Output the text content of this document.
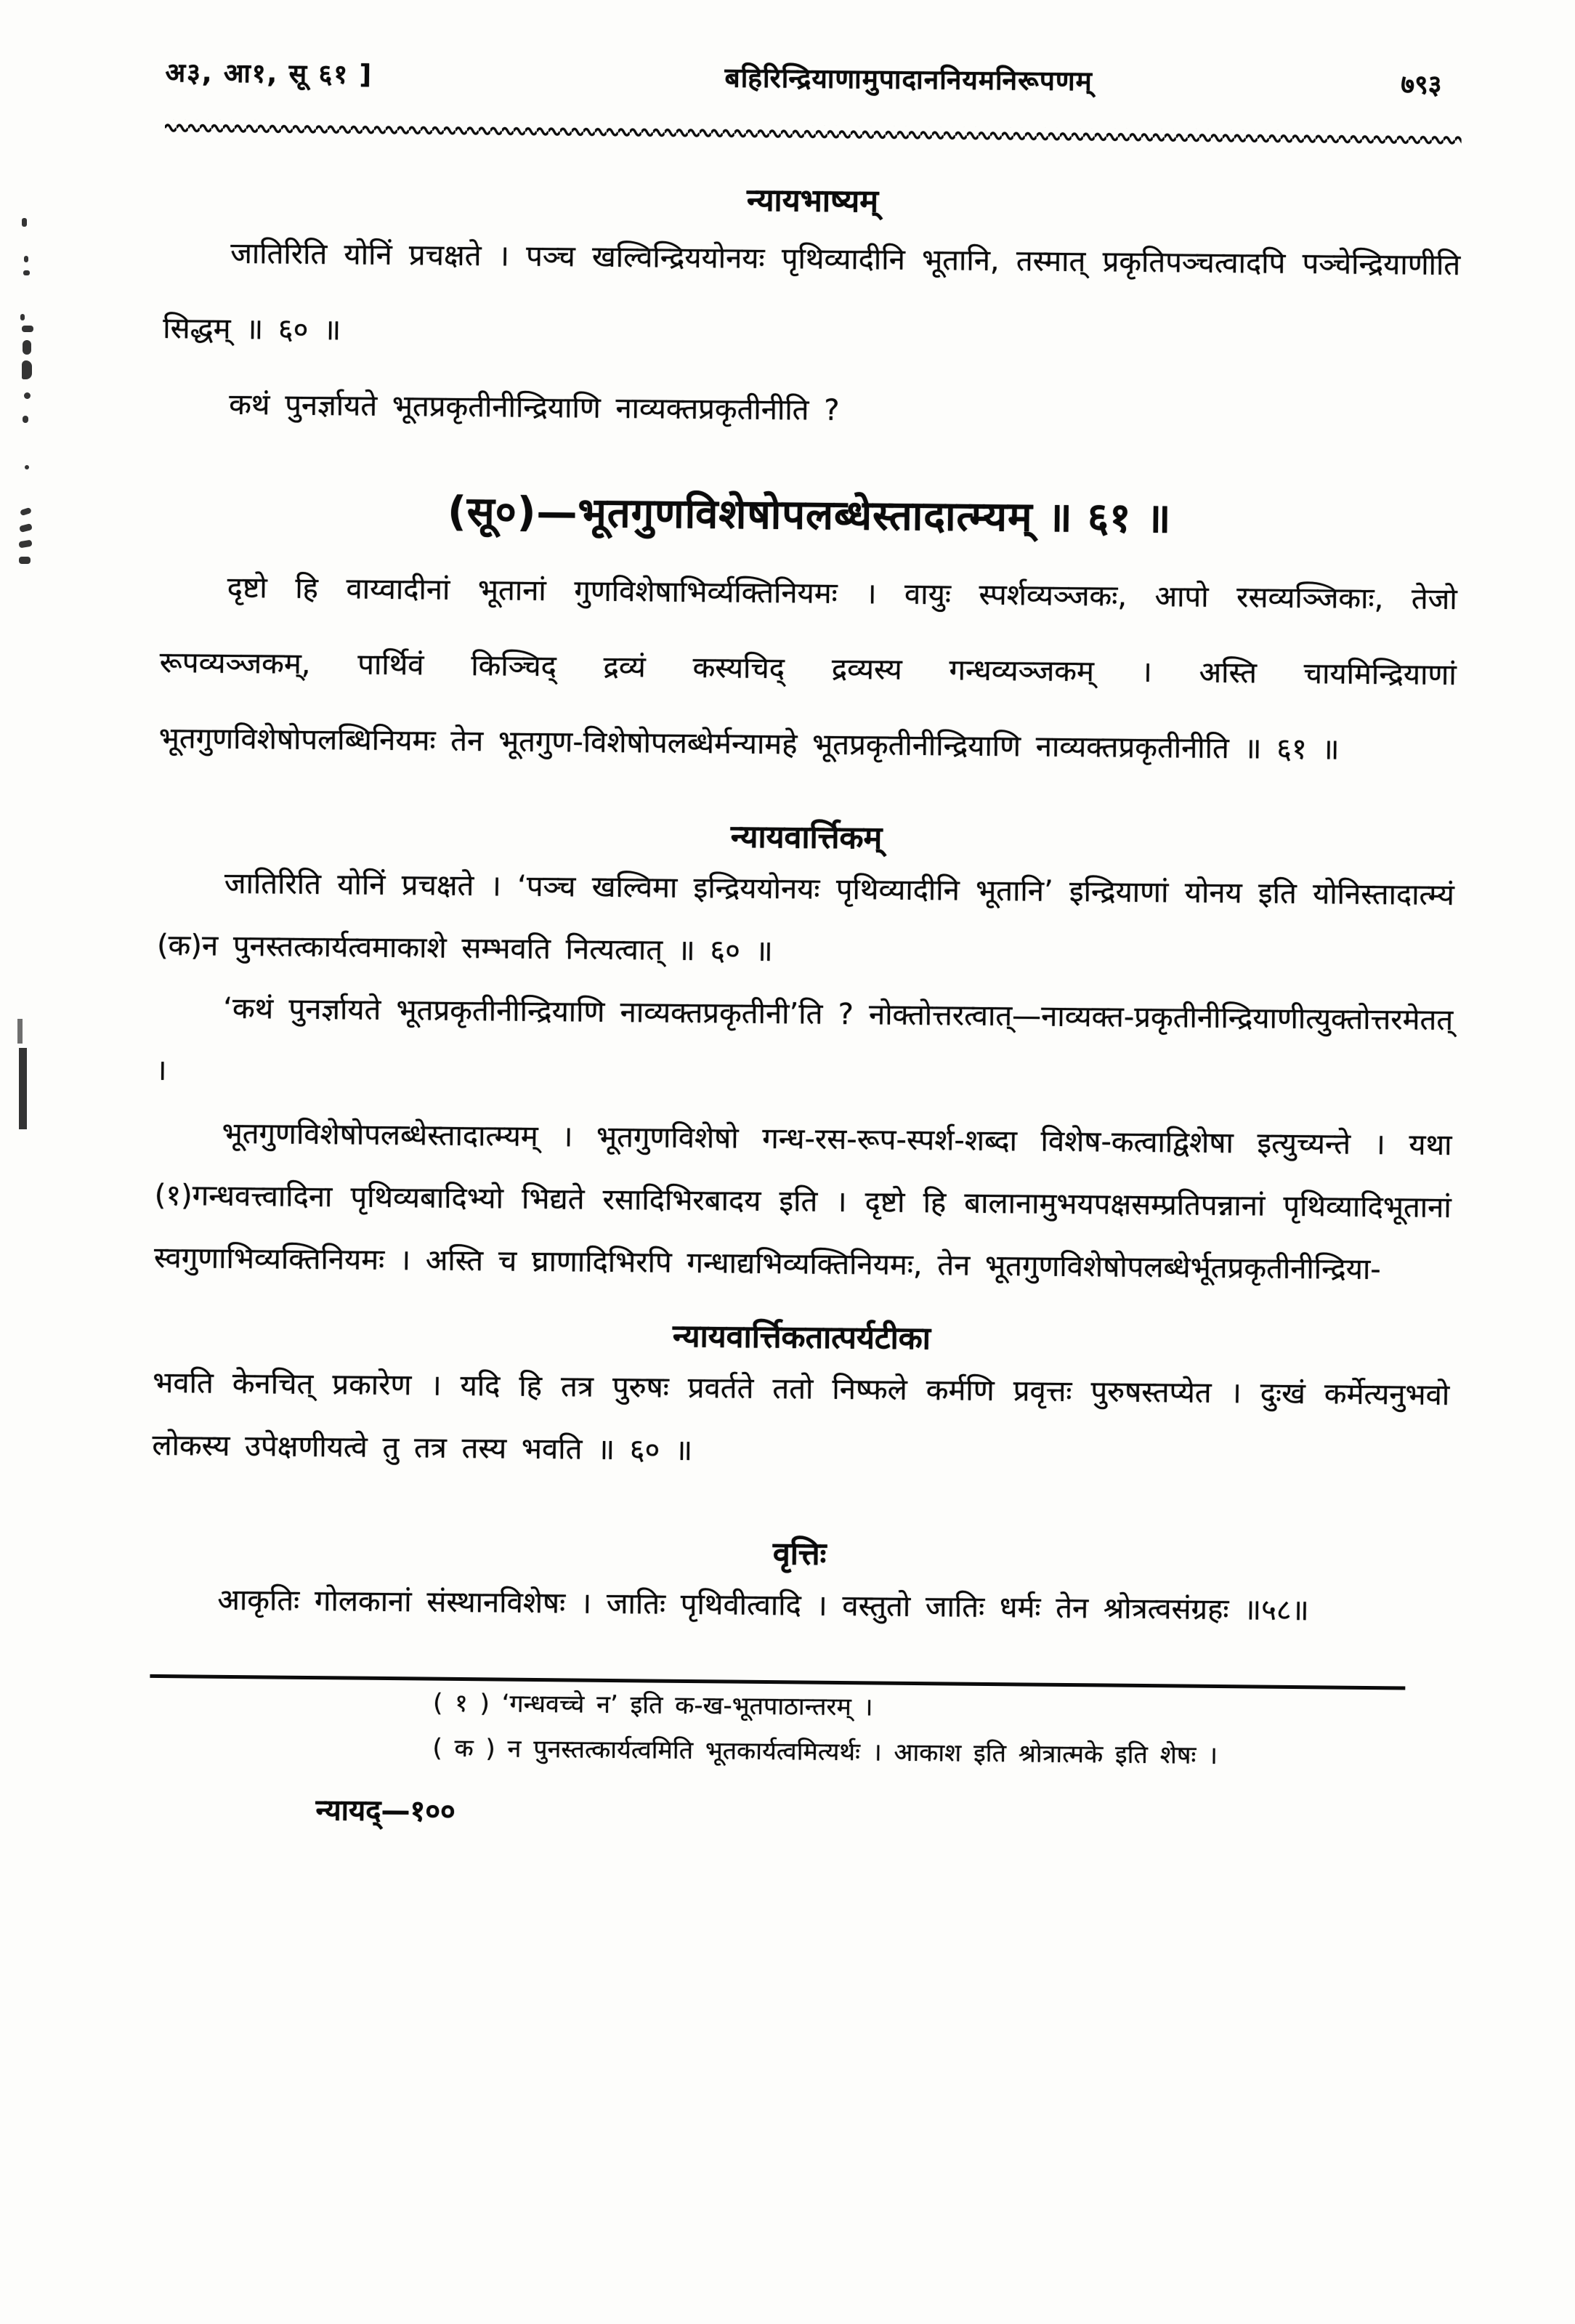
अ३, आ१, सू ६१ ]	बहिरिन्द्रियाणामुपादाननियमनिरूपणम्	७९३
न्यायभाष्यम्

जातिरिति योनिं प्रचक्षते । पञ्च खल्विन्द्रिययोनयः पृथिव्यादीनि भूतानि, तस्मात् प्रकृतिपञ्चत्वादपि पञ्चेन्द्रियाणीति सिद्धम् ॥ ६० ॥

कथं पुनर्ज्ञायते भूतप्रकृतीनीन्द्रियाणि नाव्यक्तप्रकृतीनीति ?

(सू०)—भूतगुणविशेषोपलब्धेस्तादात्म्यम् ॥ ६१ ॥

दृष्टो हि वाय्वादीनां भूतानां गुणविशेषाभिर्व्यक्तिनियमः । वायुः स्पर्शव्यञ्जकः, आपो रसव्यञ्जिकाः, तेजो रूपव्यञ्जकम्, पार्थिवं किञ्चिद् द्रव्यं कस्यचिद् द्रव्यस्य गन्धव्यञ्जकम् । अस्ति चायमिन्द्रियाणां भूतगुणविशेषोपलब्धिनियमः तेन भूतगुण-विशेषोपलब्धेर्मन्यामहे भूतप्रकृतीनीन्द्रियाणि नाव्यक्तप्रकृतीनीति ॥ ६१ ॥

न्यायवार्त्तिकम्

जातिरिति योनिं प्रचक्षते । ‘पञ्च खल्विमा इन्द्रिययोनयः पृथिव्यादीनि भूतानि’ इन्द्रियाणां योनय इति योनिस्तादात्म्यं (क)न पुनस्तत्कार्यत्वमाकाशे सम्भवति नित्यत्वात् ॥ ६० ॥

‘कथं पुनर्ज्ञायते भूतप्रकृतीनीन्द्रियाणि नाव्यक्तप्रकृतीनी’ति ? नोक्तोत्तरत्वात्—नाव्यक्त-प्रकृतीनीन्द्रियाणीत्युक्तोत्तरमेतत् ।

भूतगुणविशेषोपलब्धेस्तादात्म्यम् । भूतगुणविशेषो गन्ध-रस-रूप-स्पर्श-शब्दा विशेष-कत्वाद्विशेषा इत्युच्यन्ते । यथा (१)गन्धवत्त्वादिना पृथिव्यबादिभ्यो भिद्यते रसादिभिरबादय इति । दृष्टो हि बालानामुभयपक्षसम्प्रतिपन्नानां पृथिव्यादिभूतानां स्वगुणाभिव्यक्तिनियमः । अस्ति च घ्राणादिभिरपि गन्धाद्यभिव्यक्तिनियमः, तेन भूतगुणविशेषोपलब्धेर्भूतप्रकृतीनीन्द्रिया-

न्यायवार्त्तिकतात्पर्यटीका

भवति केनचित् प्रकारेण । यदि हि तत्र पुरुषः प्रवर्तते ततो निष्फले कर्मणि प्रवृत्तः पुरुषस्तप्येत । दुःखं कर्मेत्यनुभवो लोकस्य उपेक्षणीयत्वे तु तत्र तस्य भवति ॥ ६० ॥

वृत्तिः

आकृतिः गोलकानां संस्थानविशेषः । जातिः पृथिवीत्वादि । वस्तुतो जातिः धर्मः तेन श्रोत्रत्वसंग्रहः ॥५८॥

( १ ) ‘गन्धवच्चे न’ इति क-ख-भूतपाठान्तरम् ।

( क ) न पुनस्तत्कार्यत्वमिति भूतकार्यत्वमित्यर्थः । आकाश इति श्रोत्रात्मके इति शेषः ।

न्यायद्—१००
